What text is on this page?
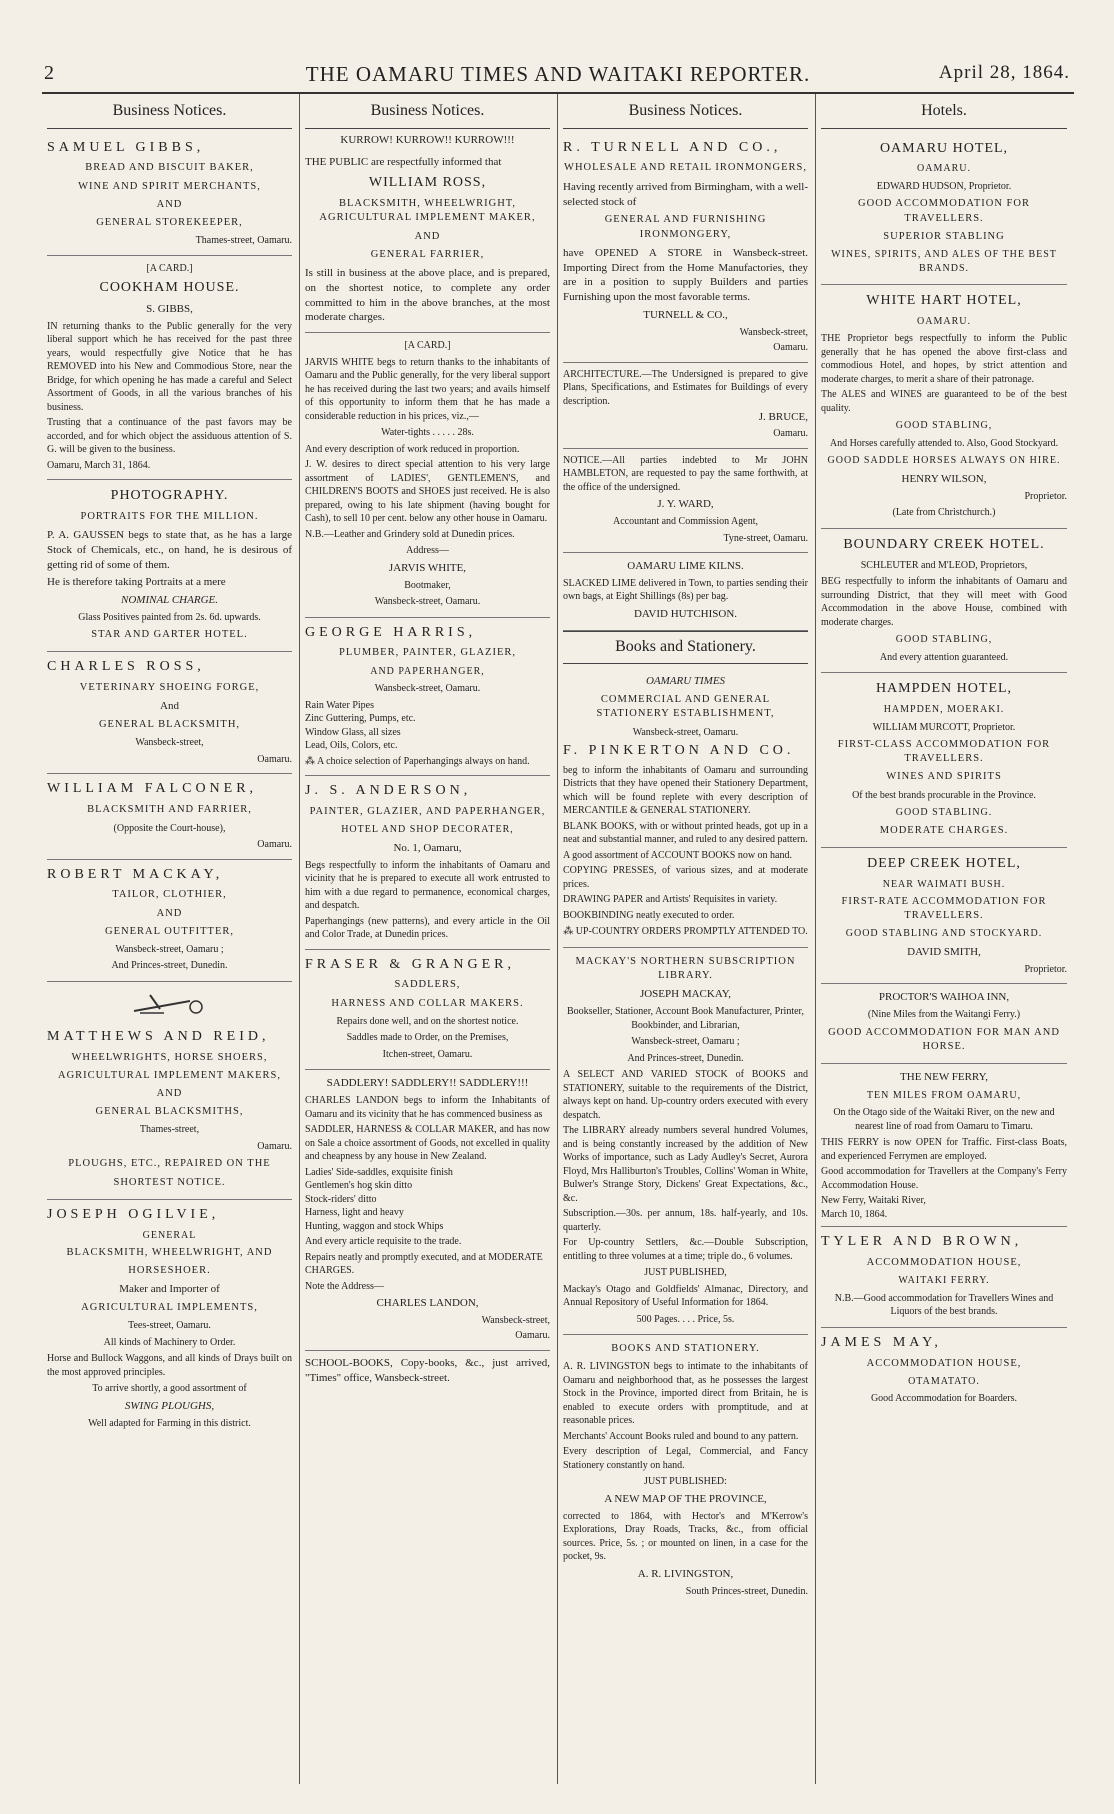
2	THE OAMARU TIMES AND WAITAKI REPORTER.	April 28, 1864.
Business Notices.
SAMUEL GIBBS,
BREAD AND BISCUIT BAKER,
WINE AND SPIRIT MERCHANTS,
AND
GENERAL STOREKEEPER,
Thames-street, Oamaru.
[A CARD.]
COOKHAM HOUSE.
S. GIBBS,

IN returning thanks to the Public generally for the very liberal support which he has received for the past three years, would respectfully give Notice that he has REMOVED into his New and Commodious Store, near the Bridge, for which opening he has made a careful and Select Assortment of Goods, in all the various branches of his business.

Trusting that a continuance of the past favors may be accorded, and for which object the assiduous attention of S. G. will be given to the business.

Oamaru, March 31, 1864.

PHOTOGRAPHY.
PORTRAITS FOR THE MILLION.

P. A. GAUSSEN begs to state that, as he has a large Stock of Chemicals, etc., on hand, he is desirous of getting rid of some of them.

He is therefore taking Portraits at a mere

NOMINAL CHARGE.

Glass Positives painted from 2s. 6d. upwards.

STAR AND GARTER HOTEL.
CHARLES ROSS,
VETERINARY SHOEING FORGE,
And
GENERAL BLACKSMITH,
Wansbeck-street,
Oamaru.
WILLIAM FALCONER,
BLACKSMITH AND FARRIER,
(Opposite the Court-house),
Oamaru.
ROBERT MACKAY,
TAILOR, CLOTHIER,
AND
GENERAL OUTFITTER,
Wansbeck-street, Oamaru ;
And Princes-street, Dunedin.
MATTHEWS AND REID,
WHEELWRIGHTS, HORSE SHOERS,
AGRICULTURAL IMPLEMENT MAKERS,
AND
GENERAL BLACKSMITHS,
Thames-street,
Oamaru.
PLOUGHS, ETC., REPAIRED ON THE
SHORTEST NOTICE.
JOSEPH OGILVIE,
GENERAL
BLACKSMITH, WHEELWRIGHT, AND
HORSESHOER.
Maker and Importer of
AGRICULTURAL IMPLEMENTS,
Tees-street, Oamaru.

All kinds of Machinery to Order.

Horse and Bullock Waggons, and all kinds of Drays built on the most approved principles.

To arrive shortly, a good assortment of

SWING PLOUGHS,

Well adapted for Farming in this district.

Business Notices.
KURROW! KURROW!! KURROW!!!

THE PUBLIC are respectfully informed that

WILLIAM ROSS,
BLACKSMITH, WHEELWRIGHT, AGRICULTURAL IMPLEMENT MAKER,
AND
GENERAL FARRIER,

Is still in business at the above place, and is prepared, on the shortest notice, to complete any order committed to him in the above branches, at the most moderate charges.

[A CARD.]

JARVIS WHITE begs to return thanks to the inhabitants of Oamaru and the Public generally, for the very liberal support he has received during the last two years; and avails himself of this opportunity to inform them that he has made a considerable reduction in his prices, viz.,—

Water-tights . . . . . 28s.

And every description of work reduced in proportion.

J. W. desires to direct special attention to his very large assortment of LADIES', GENTLEMEN'S, and CHILDREN'S BOOTS and SHOES just received. He is also prepared, owing to his late shipment (having bought for Cash), to sell 10 per cent. below any other house in Oamaru.

N.B.—Leather and Grindery sold at Dunedin prices.

Address—
JARVIS WHITE,
Bootmaker,
Wansbeck-street, Oamaru.
GEORGE HARRIS,
PLUMBER, PAINTER, GLAZIER,
AND PAPERHANGER,
Wansbeck-street, Oamaru.
Rain Water Pipes
Zinc Guttering, Pumps, etc.
Window Glass, all sizes
Lead, Oils, Colors, etc.

⁂ A choice selection of Paperhangings always on hand.

J. S. ANDERSON,
PAINTER, GLAZIER, AND PAPERHANGER,
HOTEL AND SHOP DECORATER,
No. 1, Oamaru,

Begs respectfully to inform the inhabitants of Oamaru and vicinity that he is prepared to execute all work entrusted to him with a due regard to permanence, economical charges, and despatch.

Paperhangings (new patterns), and every article in the Oil and Color Trade, at Dunedin prices.

FRASER & GRANGER,
SADDLERS,
HARNESS AND COLLAR MAKERS.

Repairs done well, and on the shortest notice.

Saddles made to Order, on the Premises,

Itchen-street, Oamaru.
SADDLERY! SADDLERY!! SADDLERY!!!

CHARLES LANDON begs to inform the Inhabitants of Oamaru and its vicinity that he has commenced business as

SADDLER, HARNESS & COLLAR MAKER, and has now on Sale a choice assortment of Goods, not excelled in quality and cheapness by any house in New Zealand.

Ladies' Side-saddles, exquisite finish
Gentlemen's hog skin ditto
Stock-riders' ditto
Harness, light and heavy
Hunting, waggon and stock Whips

And every article requisite to the trade.

Repairs neatly and promptly executed, and at MODERATE CHARGES.

Note the Address—
CHARLES LANDON,
Wansbeck-street,
Oamaru.

SCHOOL-BOOKS, Copy-books, &c., just arrived, "Times" office, Wansbeck-street.

Business Notices.
R. TURNELL AND CO.,
WHOLESALE AND RETAIL IRONMONGERS,

Having recently arrived from Birmingham, with a well-selected stock of

GENERAL AND FURNISHING IRONMONGERY,

have OPENED A STORE in Wansbeck-street. Importing Direct from the Home Manufactories, they are in a position to supply Builders and parties Furnishing upon the most favorable terms.

TURNELL & CO.,
Wansbeck-street,
Oamaru.

ARCHITECTURE.—The Undersigned is prepared to give Plans, Specifications, and Estimates for Buildings of every description.

J. BRUCE,
Oamaru.

NOTICE.—All parties indebted to Mr JOHN HAMBLETON, are requested to pay the same forthwith, at the office of the undersigned.

J. Y. WARD,
Accountant and Commission Agent,
Tyne-street, Oamaru.
OAMARU LIME KILNS.

SLACKED LIME delivered in Town, to parties sending their own bags, at Eight Shillings (8s) per bag.

DAVID HUTCHISON.
Books and Stationery.
OAMARU TIMES
COMMERCIAL AND GENERAL STATIONERY ESTABLISHMENT,
Wansbeck-street, Oamaru.
F. PINKERTON AND CO.

beg to inform the inhabitants of Oamaru and surrounding Districts that they have opened their Stationery Department, which will be found replete with every description of MERCANTILE & GENERAL STATIONERY.

BLANK BOOKS, with or without printed heads, got up in a neat and substantial manner, and ruled to any desired pattern.

A good assortment of ACCOUNT BOOKS now on hand.

COPYING PRESSES, of various sizes, and at moderate prices.

DRAWING PAPER and Artists' Requisites in variety.

BOOKBINDING neatly executed to order.

⁂ UP-COUNTRY ORDERS PROMPTLY ATTENDED TO.

MACKAY'S NORTHERN SUBSCRIPTION LIBRARY.
JOSEPH MACKAY,

Bookseller, Stationer, Account Book Manufacturer, Printer, Bookbinder, and Librarian,

Wansbeck-street, Oamaru ;
And Princes-street, Dunedin.

A SELECT AND VARIED STOCK of BOOKS and STATIONERY, suitable to the requirements of the District, always kept on hand. Up-country orders executed with every despatch.

The LIBRARY already numbers several hundred Volumes, and is being constantly increased by the addition of New Works of importance, such as Lady Audley's Secret, Aurora Floyd, Mrs Halliburton's Troubles, Collins' Woman in White, Bulwer's Strange Story, Dickens' Great Expectations, &c., &c.

Subscription.—30s. per annum, 18s. half-yearly, and 10s. quarterly.

For Up-country Settlers, &c.—Double Subscription, entitling to three volumes at a time; triple do., 6 volumes.

JUST PUBLISHED,

Mackay's Otago and Goldfields' Almanac, Directory, and Annual Repository of Useful Information for 1864.

500 Pages. . . . Price, 5s.
BOOKS AND STATIONERY.

A. R. LIVINGSTON begs to intimate to the inhabitants of Oamaru and neighborhood that, as he possesses the largest Stock in the Province, imported direct from Britain, he is enabled to execute orders with promptitude, and at reasonable prices.

Merchants' Account Books ruled and bound to any pattern.

Every description of Legal, Commercial, and Fancy Stationery constantly on hand.

JUST PUBLISHED:
A NEW MAP OF THE PROVINCE,

corrected to 1864, with Hector's and M'Kerrow's Explorations, Dray Roads, Tracks, &c., from official sources. Price, 5s. ; or mounted on linen, in a case for the pocket, 9s.

A. R. LIVINGSTON,
South Princes-street, Dunedin.
Hotels.
OAMARU HOTEL,
OAMARU.
EDWARD HUDSON, Proprietor.
GOOD ACCOMMODATION FOR TRAVELLERS.
SUPERIOR STABLING
WINES, SPIRITS, AND ALES OF THE BEST BRANDS.
WHITE HART HOTEL,
OAMARU.

THE Proprietor begs respectfully to inform the Public generally that he has opened the above first-class and commodious Hotel, and hopes, by strict attention and moderate charges, to merit a share of their patronage.

The ALES and WINES are guaranteed to be of the best quality.

GOOD STABLING,

And Horses carefully attended to. Also, Good Stockyard.

GOOD SADDLE HORSES ALWAYS ON HIRE.
HENRY WILSON,
Proprietor.
(Late from Christchurch.)
BOUNDARY CREEK HOTEL.
SCHLEUTER and M'LEOD, Proprietors,

BEG respectfully to inform the inhabitants of Oamaru and surrounding District, that they will meet with Good Accommodation in the above House, combined with moderate charges.

GOOD STABLING,
And every attention guaranteed.
HAMPDEN HOTEL,
HAMPDEN, MOERAKI.
WILLIAM MURCOTT, Proprietor.
FIRST-CLASS ACCOMMODATION FOR TRAVELLERS.
WINES AND SPIRITS
Of the best brands procurable in the Province.
GOOD STABLING.
MODERATE CHARGES.
DEEP CREEK HOTEL,
NEAR WAIMATI BUSH.
FIRST-RATE ACCOMMODATION FOR TRAVELLERS.
GOOD STABLING AND STOCKYARD.
DAVID SMITH,
Proprietor.
PROCTOR'S WAIHOA INN,
(Nine Miles from the Waitangi Ferry.)
GOOD ACCOMMODATION FOR MAN AND HORSE.
THE NEW FERRY,
TEN MILES FROM OAMARU,

On the Otago side of the Waitaki River, on the new and nearest line of road from Oamaru to Timaru.

THIS FERRY is now OPEN for Traffic. First-class Boats, and experienced Ferrymen are employed.

Good accommodation for Travellers at the Company's Ferry Accommodation House.

New Ferry, Waitaki River,
March 10, 1864.
TYLER AND BROWN,
ACCOMMODATION HOUSE,
WAITAKI FERRY.

N.B.—Good accommodation for Travellers Wines and Liquors of the best brands.

JAMES MAY,
ACCOMMODATION HOUSE,
OTAMATATO.

Good Accommodation for Boarders.
